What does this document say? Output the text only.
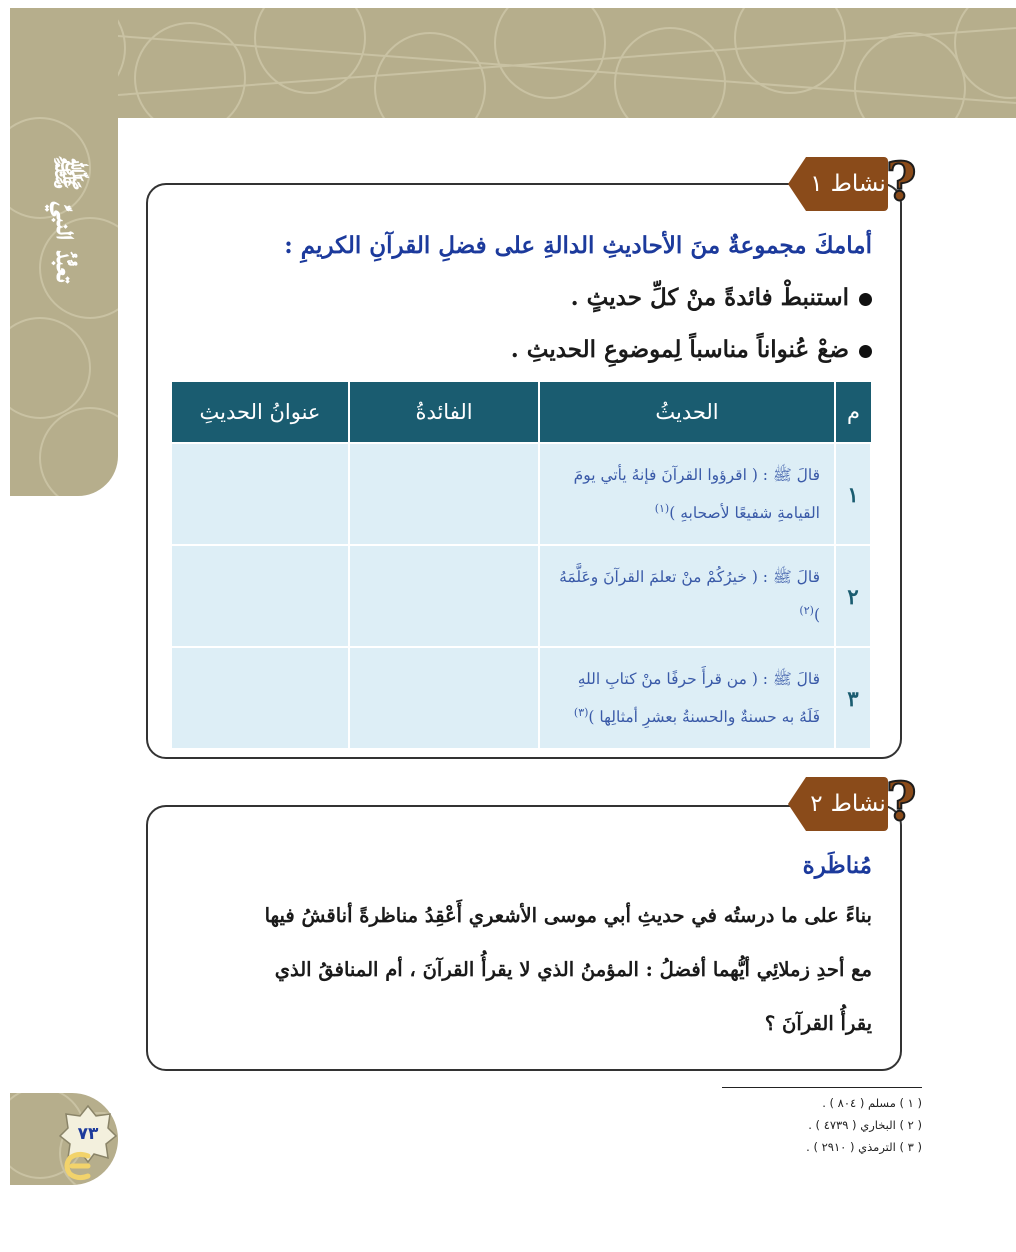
تعبُّدُ النبيِّ ﷺ	نشاط
١ ?
أمامكَ مجموعةٌ منَ الأحاديثِ الدالةِ على فضلِ القرآنِ الكريمِ :
استنبطْ فائدةً منْ كلِّ حديثٍ .
ضعْ عُنواناً مناسباً لِموضوعِ الحديثِ .
م	الحديثُ	الفائدةُ	عنوانُ الحديثِ
١	قالَ ﷺ : ( اقرؤوا القرآنَ فإنهُ يأتي يومَ القيامةِ شفيعًا لأصحابهِ )$^{(١)}$		
٢	قالَ ﷺ : ( خيرُكُمْ منْ تعلمَ القرآنَ وعَلَّمَهُ )$^{(٢)}$		
٣	قالَ ﷺ : ( من قرأَ حرفًا منْ كتابِ اللهِ فَلَهُ به حسنةٌ والحسنةُ بعشرِ أمثالِها )$^{(٣)}$		
نشاط
٢ ?
مُناظَرة
بناءً على ما درستُه في حديثِ أبي موسى الأشعري أَعْقِدُ مناظرةً أناقشُ فيها
مع أحدِ زملائِي أيُّهما أفضلُ : المؤمنُ الذي لا يقرأُ القرآنَ ، أم المنافقُ الذي
يقرأُ القرآنَ ؟
( ١ ) مسلم ( ٨٠٤ ) .
( ٢ ) البخاري ( ٤٧٣٩ ) .
( ٣ ) الترمذي ( ٢٩١٠ ) .
٧٣
